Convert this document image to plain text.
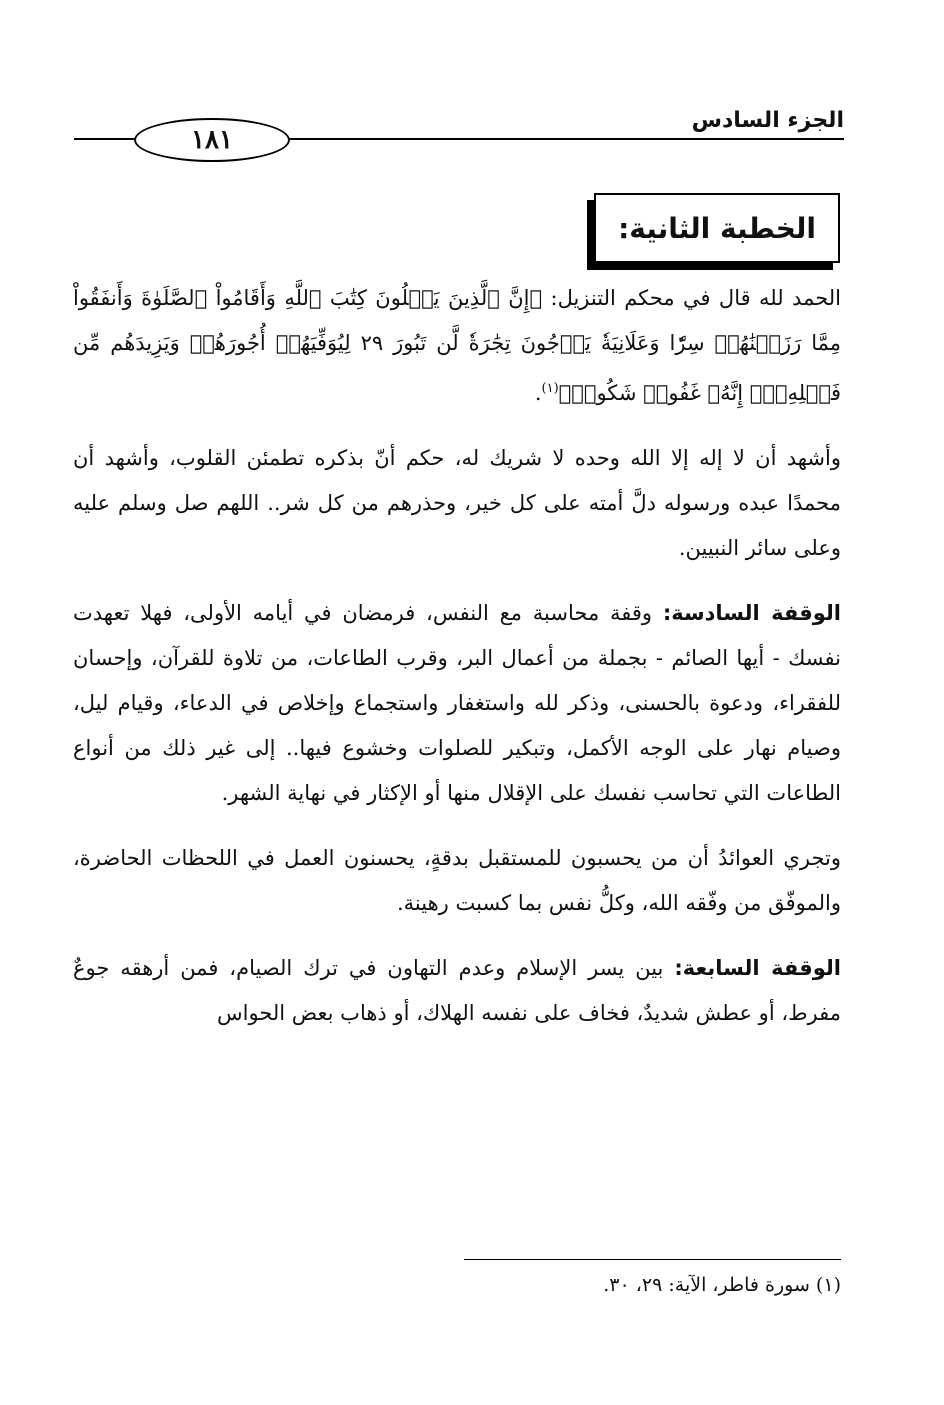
الجزء السادس
١٨١
الخطبة الثانية:

الحمد لله قال في محكم التنزيل: ﴿إِنَّ ٱلَّذِينَ يَتۡلُونَ كِتَٰبَ ٱللَّهِ وَأَقَامُواْ ٱلصَّلَوٰةَ وَأَنفَقُواْ مِمَّا رَزَقۡنَٰهُمۡ سِرّٗا وَعَلَانِيَةٗ يَرۡجُونَ تِجَٰرَةٗ لَّن تَبُورَ ٢٩ لِيُوَفِّيَهُمۡ أُجُورَهُمۡ وَيَزِيدَهُم مِّن فَضۡلِهِۦٓۚ إِنَّهُۥ غَفُورٞ شَكُورٞ﴾$^{(١)}$.

وأشهد أن لا إله إلا الله وحده لا شريك له، حكم أنّ بذكره تطمئن القلوب، وأشهد أن محمدًا عبده ورسوله دلَّ أمته على كل خير، وحذرهم من كل شر.. اللهم صل وسلم عليه وعلى سائر النبيين.

الوقفة السادسة: وقفة محاسبة مع النفس، فرمضان في أيامه الأولى، فهلا تعهدت نفسك - أيها الصائم - بجملة من أعمال البر، وقرب الطاعات، من تلاوة للقرآن، وإحسان للفقراء، ودعوة بالحسنى، وذكر لله واستغفار واستجماع وإخلاص في الدعاء، وقيام ليل، وصيام نهار على الوجه الأكمل، وتبكير للصلوات وخشوع فيها.. إلى غير ذلك من أنواع الطاعات التي تحاسب نفسك على الإقلال منها أو الإكثار في نهاية الشهر.

وتجري العوائدُ أن من يحسبون للمستقبل بدقةٍ، يحسنون العمل في اللحظات الحاضرة، والموفّق من وفّقه الله، وكلُّ نفس بما كسبت رهينة.

الوقفة السابعة: بين يسر الإسلام وعدم التهاون في ترك الصيام، فمن أرهقه جوعٌ مفرط، أو عطش شديدٌ، فخاف على نفسه الهلاك، أو ذهاب بعض الحواس

(١) سورة فاطر، الآية: ٢٩، ٣٠.
